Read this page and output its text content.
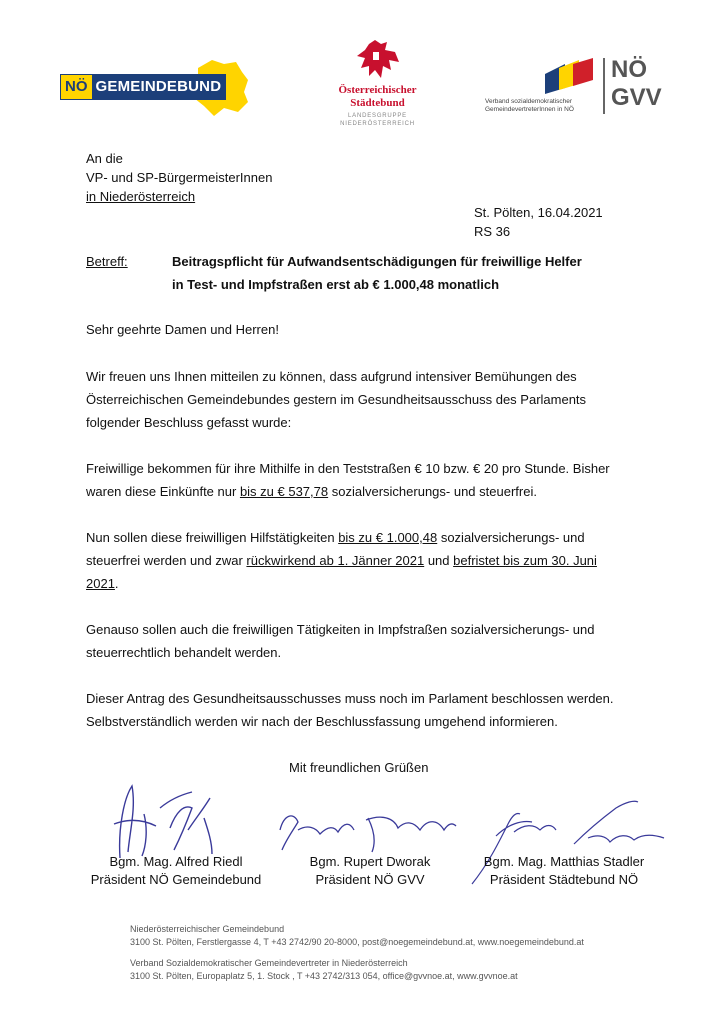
NÖ GEMEINDEBUND	Österreichischer
Städtebund
LANDESGRUPPE
NIEDERÖSTERREICH
NÖ
GVV
Verband sozialdemokratischer
GemeindevertreterInnen in NÖ
An die
VP- und SP-BürgermeisterInnen
in Niederösterreich
St. Pölten, 16.04.2021
RS 36
Betreff:	Beitragspflicht für Aufwandsentschädigungen für freiwillige Helfer
in Test- und Impfstraßen erst ab € 1.000,48 monatlich
Sehr geehrte Damen und Herren!
Wir freuen uns Ihnen mitteilen zu können, dass aufgrund intensiver Bemühungen des
Österreichischen Gemeindebundes gestern im Gesundheitsausschuss des Parlaments
folgender Beschluss gefasst wurde:
Freiwillige bekommen für ihre Mithilfe in den Teststraßen € 10 bzw. € 20 pro Stunde. Bisher
waren diese Einkünfte nur bis zu € 537,78 sozialversicherungs- und steuerfrei.
Nun sollen diese freiwilligen Hilfstätigkeiten bis zu € 1.000,48 sozialversicherungs- und
steuerfrei werden und zwar rückwirkend ab 1. Jänner 2021 und befristet bis zum 30. Juni
2021.
Genauso sollen auch die freiwilligen Tätigkeiten in Impfstraßen sozialversicherungs- und
steuerrechtlich behandelt werden.
Dieser Antrag des Gesundheitsausschusses muss noch im Parlament beschlossen werden.
Selbstverständlich werden wir nach der Beschlussfassung umgehend informieren.
Mit freundlichen Grüßen
Bgm. Mag. Alfred Riedl
Präsident NÖ Gemeindebund
Bgm. Rupert Dworak
Präsident NÖ GVV
Bgm. Mag. Matthias Stadler
Präsident Städtebund NÖ
Niederösterreichischer Gemeindebund
3100 St. Pölten, Ferstlergasse 4, T +43 2742/90 20-8000, post@noegemeindebund.at, www.noegemeindebund.at
Verband Sozialdemokratischer Gemeindevertreter in Niederösterreich
3100 St. Pölten, Europaplatz 5, 1. Stock , T +43 2742/313 054, office@gvvnoe.at, www.gvvnoe.at
